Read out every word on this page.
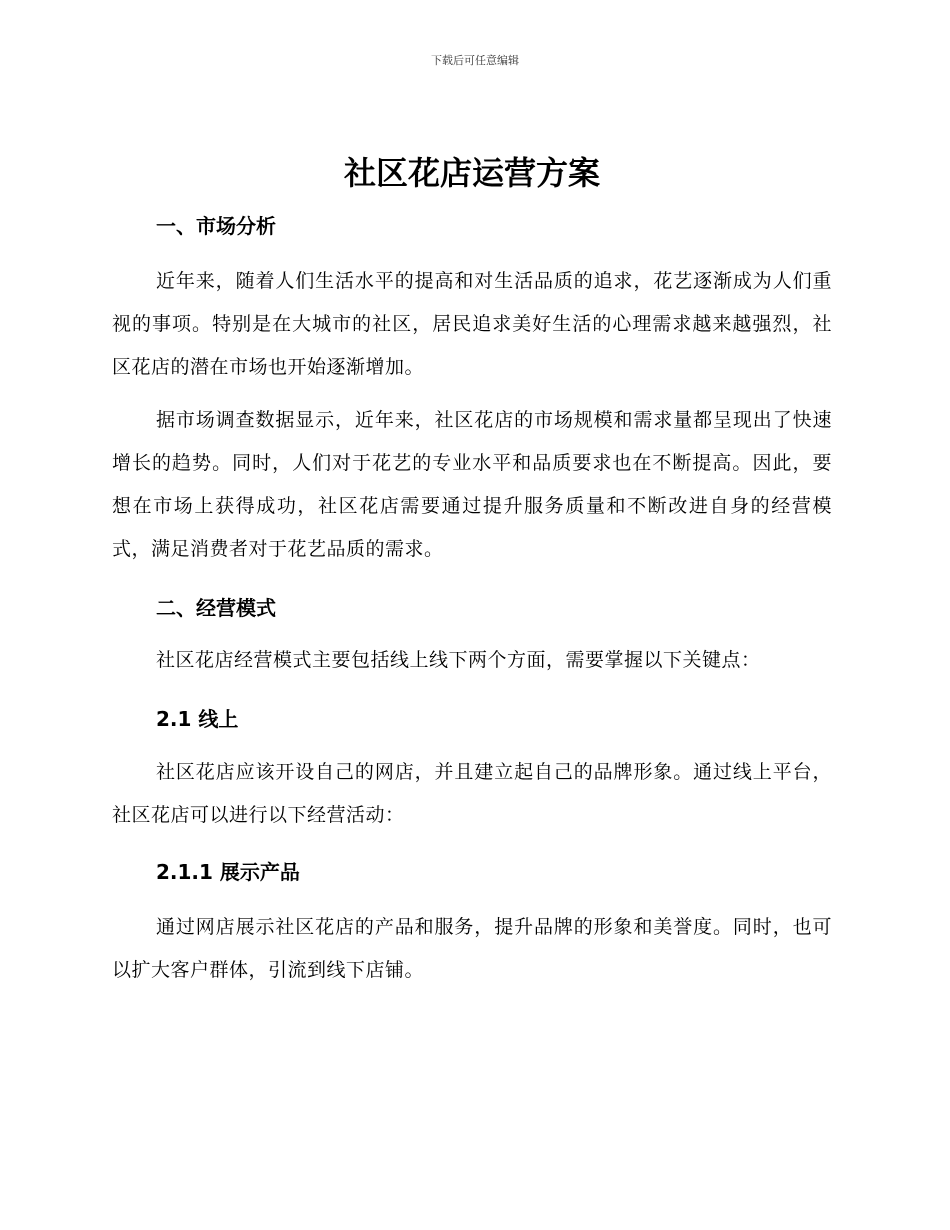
下载后可任意编辑
社区花店运营方案
一、市场分析

近年来，随着人们生活水平的提高和对生活品质的追求，花艺逐渐成为人们重视的事项。特别是在大城市的社区，居民追求美好生活的心理需求越来越强烈，社区花店的潜在市场也开始逐渐增加。

据市场调查数据显示，近年来，社区花店的市场规模和需求量都呈现出了快速增长的趋势。同时，人们对于花艺的专业水平和品质要求也在不断提高。因此，要想在市场上获得成功，社区花店需要通过提升服务质量和不断改进自身的经营模式，满足消费者对于花艺品质的需求。

二、经营模式

社区花店经营模式主要包括线上线下两个方面，需要掌握以下关键点：

2.1 线上

社区花店应该开设自己的网店，并且建立起自己的品牌形象。通过线上平台，社区花店可以进行以下经营活动：

2.1.1 展示产品

通过网店展示社区花店的产品和服务，提升品牌的形象和美誉度。同时，也可以扩大客户群体，引流到线下店铺。
